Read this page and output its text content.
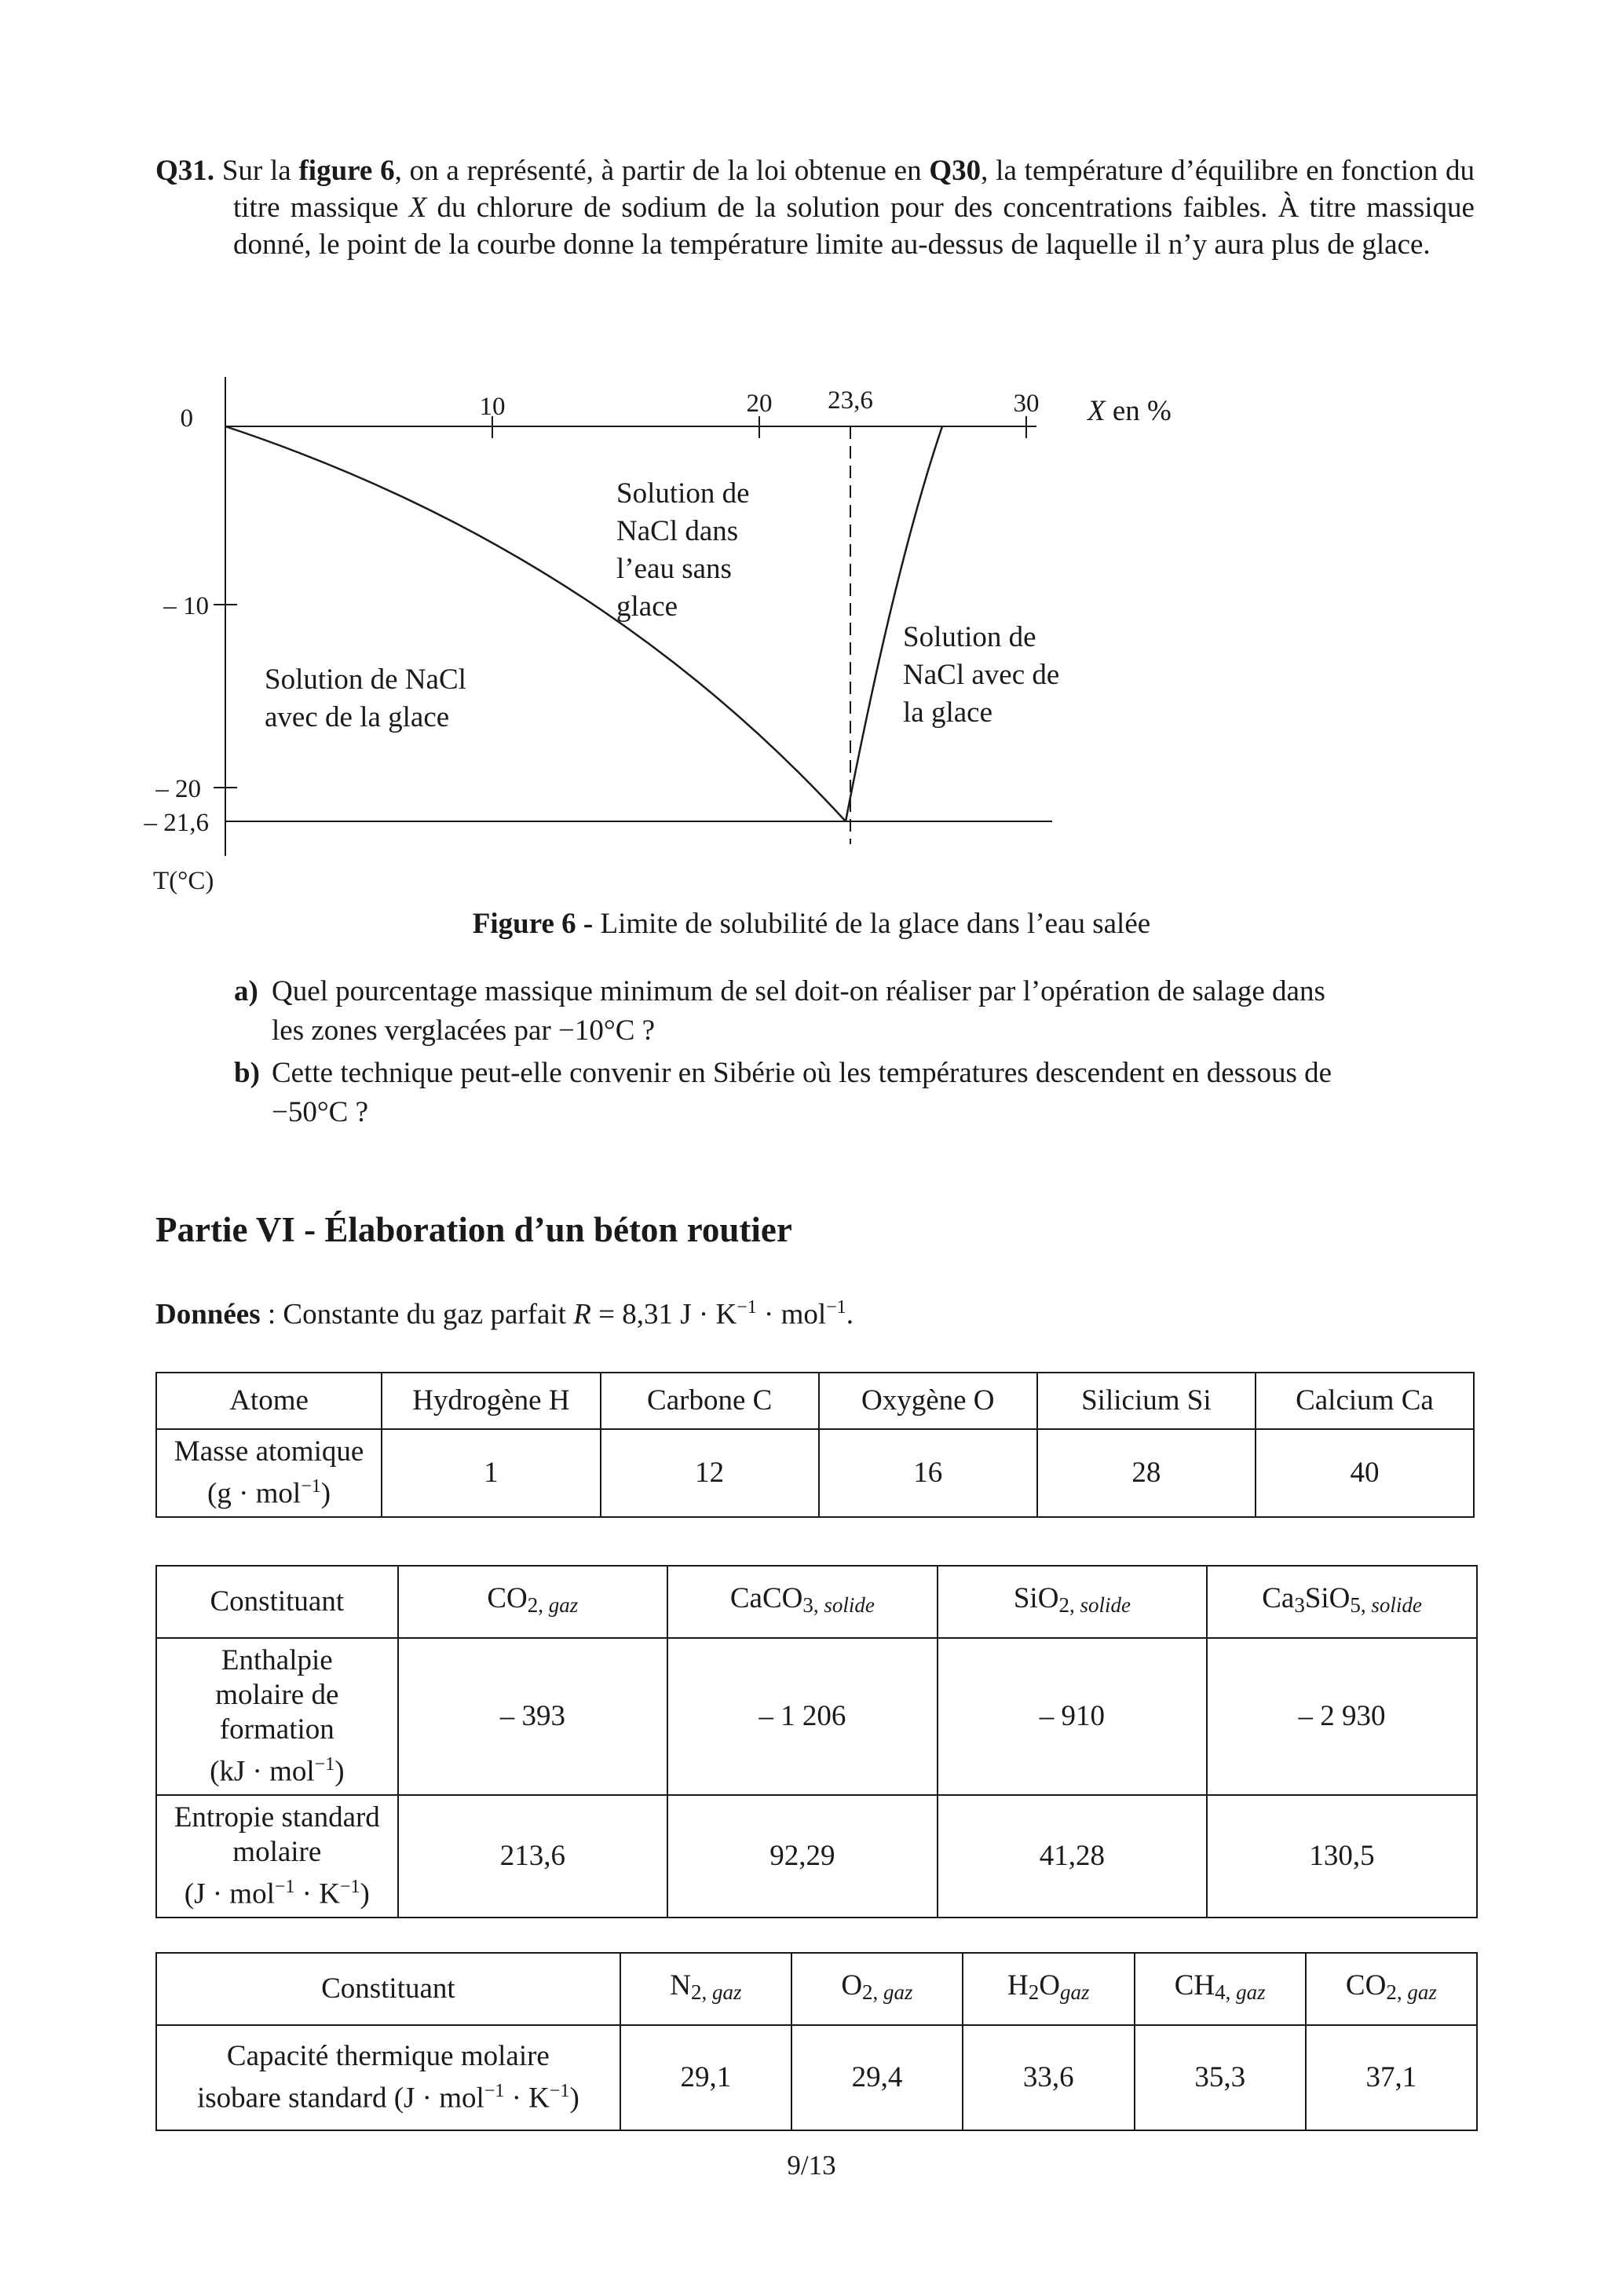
Q31. Sur la figure 6, on a représenté, à partir de la loi obtenue en Q30, la température d’équilibre en fonction du titre massique X du chlorure de sodium de la solution pour des concentrations faibles. À titre massique donné, le point de la courbe donne la température limite au-dessus de laquelle il n’y aura plus de glace.
10	20 23,6	30 X en %
0
– 10
– 20
– 21,6
T(°C)
Solution de NaCl dans l’eau sans glace
Solution de NaCl avec de la glace
Solution de NaCl avec de la glace
Figure 6 - Limite de solubilité de la glace dans l’eau salée
a) Quel pourcentage massique minimum de sel doit-on réaliser par l’opération de salage dans
les zones verglacées par −10°C ?
b) Cette technique peut-elle convenir en Sibérie où les températures descendent en dessous de
−50°C ?
Partie VI - Élaboration d’un béton routier
Données : Constante du gaz parfait R = 8,31 $J \cdot K^{-1} \cdot mol^{-1}$.
Atome	Hydrogène H	Carbone C	Oxygène O	Silicium Si	Calcium Ca
Masse atomique
(g · mol$^{-1}$)	1	12	16	28	40
Constituant	$CO_{2, gaz}$	CaCO$_{3, solide}$	SiO$_{2, solide}$	$Ca_3SiO_{5, solide}$
Enthalpie
molaire de
formation
(kJ · mol$^{-1}$)	– 393	– 1 206	– 910	– 2 930
Entropie standard
molaire
$(J \cdot mol^{-1} \cdot K^{-1})$	213,6	92,29	41,28	130,5
Constituant	$N_{2, gaz}$	$O_{2, gaz}$	$H_2O_{gaz}$	$CH_{4, gaz}$	$CO_{2, gaz}$
Capacité thermique molaire
isobare standard $(J \cdot mol^{-1} \cdot K^{-1})$	29,1	29,4	33,6	35,3	37,1
9/13
